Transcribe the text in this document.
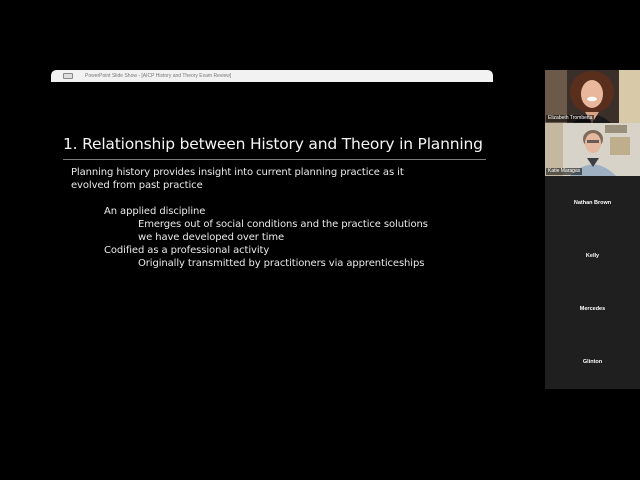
PowerPoint Slide Show - [AICP History and Theory Exam Review]
1. Relationship between History and Theory in Planning
Planning history provides insight into current planning practice as it
evolved from past practice
An applied discipline
Emerges out of social conditions and the practice solutions
we have developed over time
Codified as a professional activity
Originally transmitted by practitioners via apprenticeships
Elizabeth Trombetta
Katie Maragas
Nathan Brown
Kelly
Mercedes
Glinton
